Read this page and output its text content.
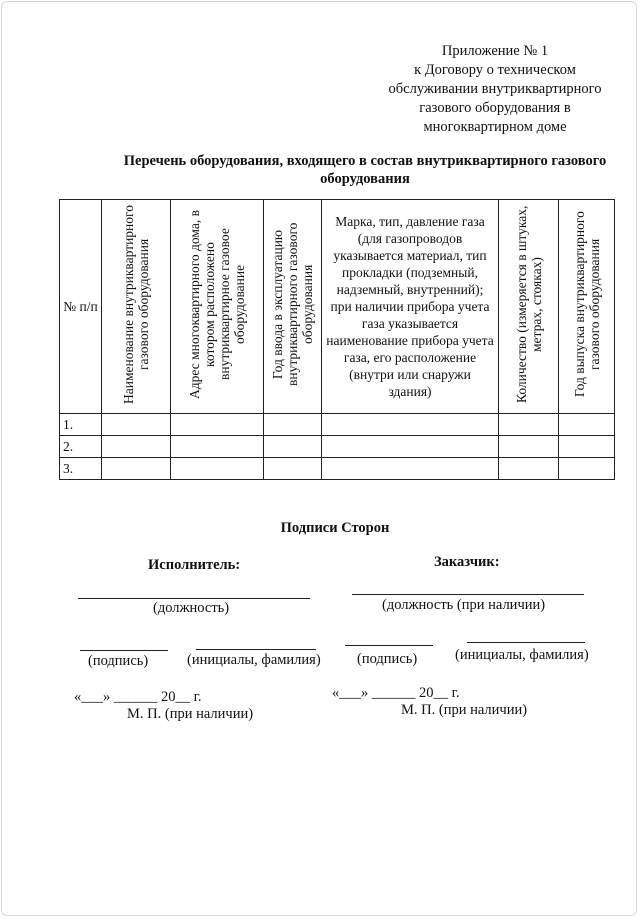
Приложение № 1
к Договору о техническом
обслуживании внутриквартирного
газового оборудования в
многоквартирном доме
Перечень оборудования, входящего в состав внутриквартирного газового
оборудования
№ п/п	Наименование внутриквартирного газового оборудования	Адрес многоквартирного дома, в котором расположено внутриквартирное газовое оборудование	Год ввода в эксплуатацию внутриквартирного газового оборудования	Марка, тип, давление газа (для газопроводов указывается материал, тип прокладки (подземный, надземный, внутренний); при наличии прибора учета газа указывается наименование прибора учета газа, его расположение (внутри или снаружи здания)	Количество (измеряется в штуках, метрах, стояках)	Год выпуска внутриквартирного газового оборудования
1.						
2.						
3.						
Подписи Сторон
Исполнитель:	Заказчик:
(должность)	(должность (при наличии)
(подпись)	(инициалы, фамилия)	(подпись)	(инициалы, фамилия)
«___» ______ 20__ г.
М. П. (при наличии)
«___» ______ 20__ г.
М. П. (при наличии)
